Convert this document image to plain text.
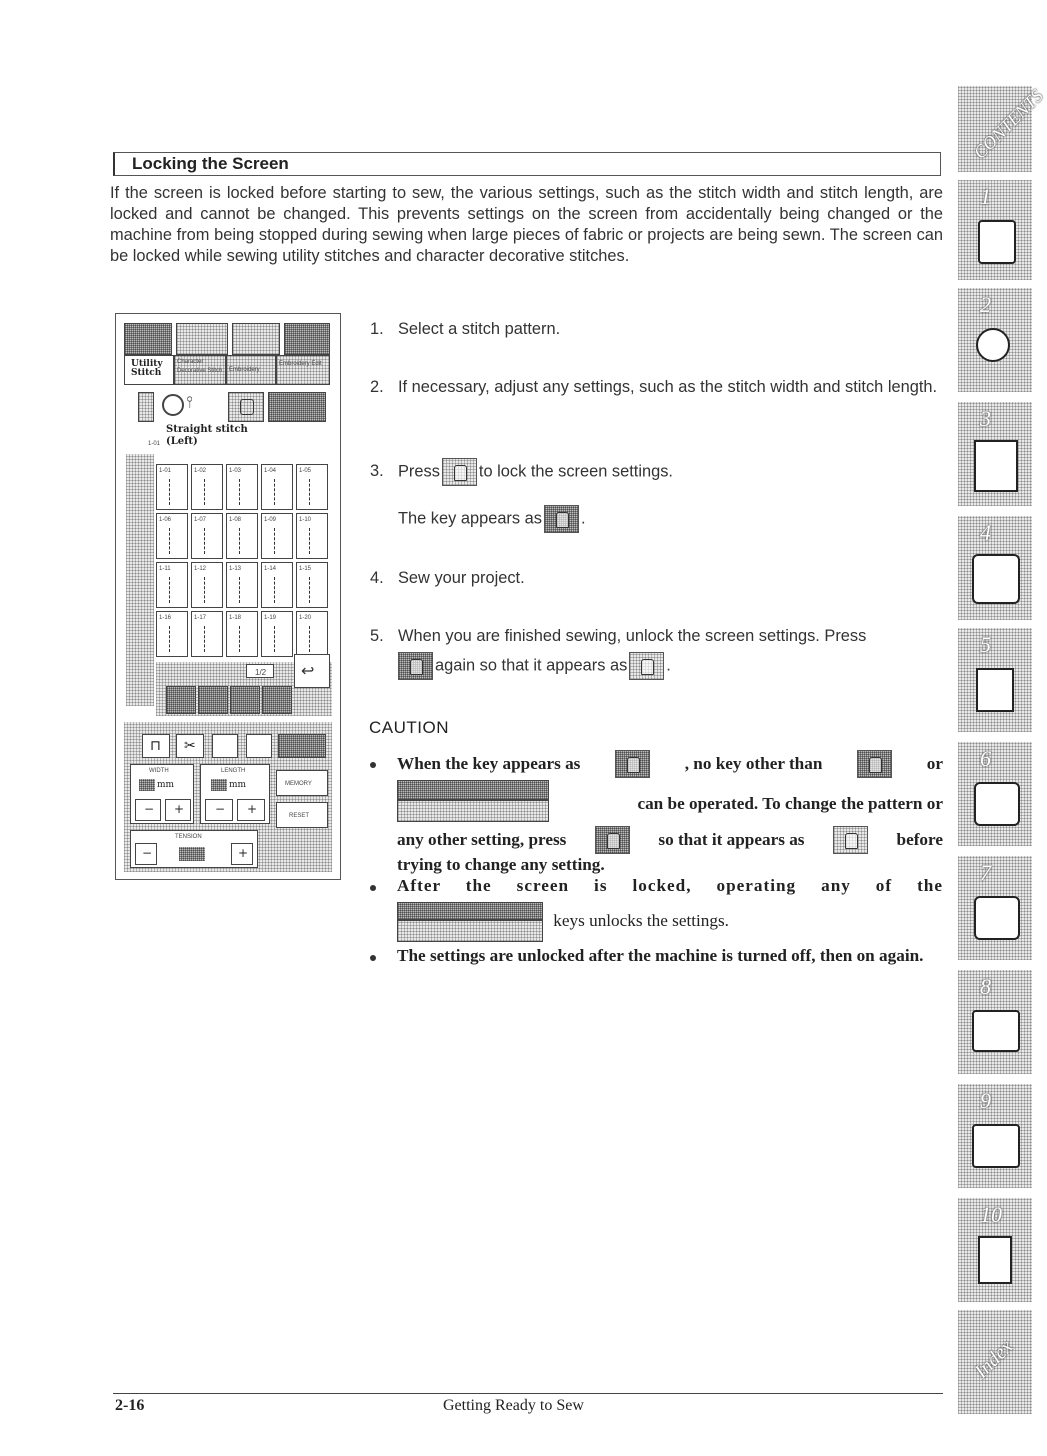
Locking the Screen
If the screen is locked before starting to sew, the various settings, such as the stitch width and stitch length, are locked and cannot be changed. This prevents settings on the screen from accidentally being changed or the machine from being stopped during sewing when large pieces of fabric or projects are being sewn. The screen can be locked while sewing utility stitches and character decorative stitches.
Utility Stitch
Character Decorative Stitch	Embroidery
Embroidery Edit
⫯
Straight stitch
1-01 (Left)
1-01	1-02	1-03	1-04	1-05
1-06	1-07	1-08	1-09	1-10
1-11	1-12	1-13	1-14	1-15
1-16	1-17	1-18	1-19	1-20
1/2 ↩
⊓ ✂
WIDTH
mm
− +
LENGTH
mm
− +
MEMORY
RESET
TENSION
−	+
1. Select a stitch pattern.
2. If necessary, adjust any settings, such as the stitch width and stitch length.
3. Press to lock the screen settings.
The key appears as .
4. Sew your project.
5. When you are finished sewing, unlock the screen settings. Press
again so that it appears as .
CAUTION
When the key appears as	, no key other than	or
can be operated. To change the pattern or
any other setting, press	so that it appears as	before
trying to change any setting.
After the screen is locked, operating any of the
keys unlocks the settings.
The settings are unlocked after the machine is turned off, then on again.
2-16	Getting Ready to Sew
CONTENTS
1
2
3
4
5
6
7
8
9
10
Index
